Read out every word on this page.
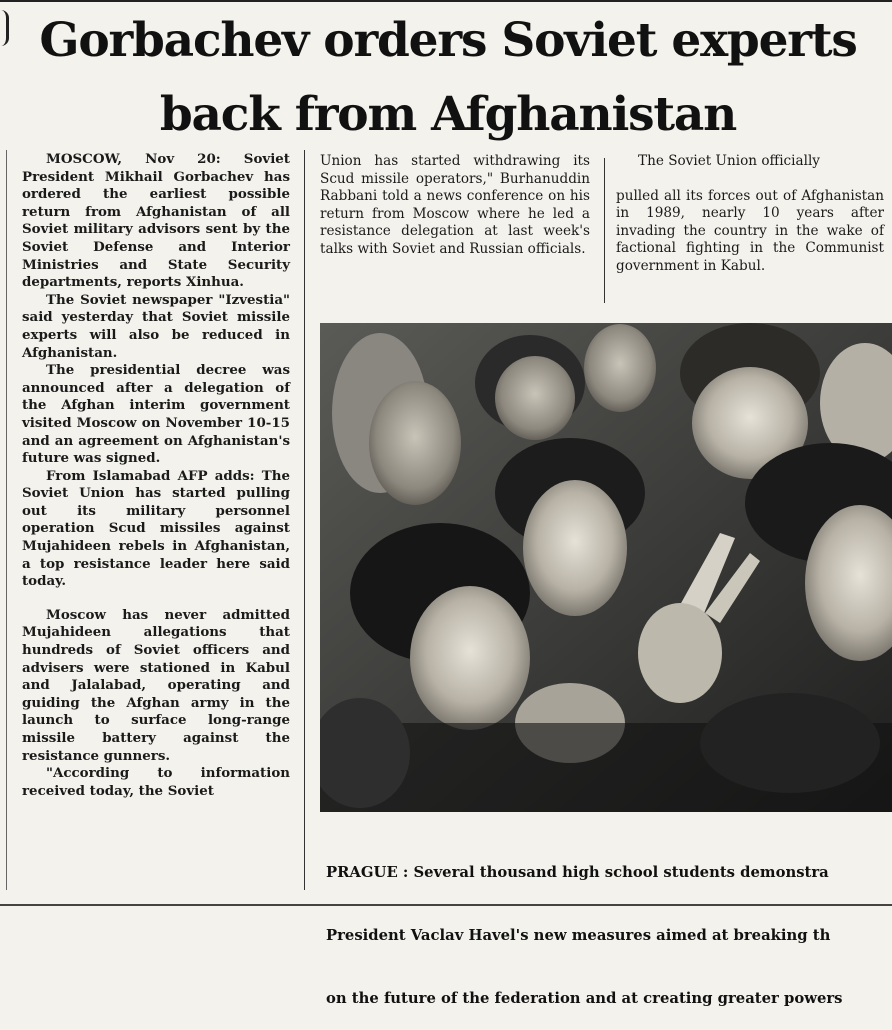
Gorbachev orders Soviet experts back from Afghanistan

MOSCOW, Nov 20: Soviet President Mikhail Gorbachev has ordered the earliest possible return from Afghanistan of all Soviet military advisors sent by the Soviet Defense and Interior Ministries and State Security departments, reports Xinhua.

The Soviet newspaper "Izvestia" said yesterday that Soviet missile experts will also be reduced in Afghanistan.

The presidential decree was announced after a delegation of the Afghan interim government visited Moscow on November 10-15 and an agreement on Afghanistan's future was signed.

From Islamabad AFP adds: The Soviet Union has started pulling out its military personnel operation Scud missiles against Mujahideen rebels in Afghanistan, a top resistance leader here said today.

Moscow has never admitted Mujahideen allegations that hundreds of Soviet officers and advisers were stationed in Kabul and Jalalabad, operating and guiding the Afghan army in the launch to surface long-range missile battery against the resistance gunners.

"According to information received today, the Soviet

Union has started withdrawing its Scud missile operators," Burhanuddin Rabbani told a news conference on his return from Moscow where he led a resistance delegation at last week's talks with Soviet and Russian officials.

The Soviet Union officially

pulled all its forces out of Afghanistan in 1989, nearly 10 years after invading the country in the wake of factional fighting in the Communist government in Kabul.

PRAGUE : Several thousand high school students demonstra

President Vaclav Havel's new measures aimed at breaking th

on the future of the federation and at creating greater powers
